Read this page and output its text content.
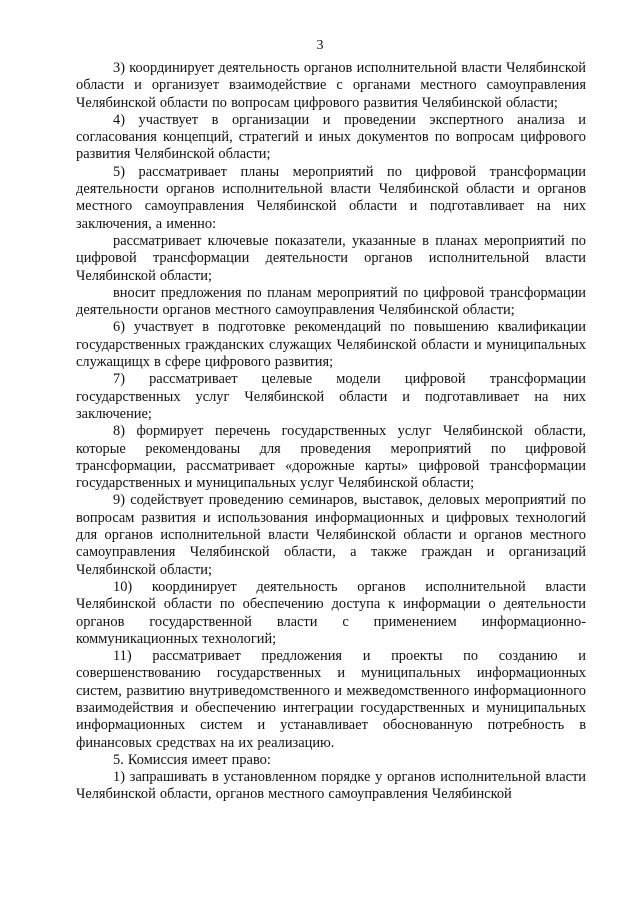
3

3) координирует деятельность органов исполнительной власти Челябинской области и организует взаимодействие с органами местного самоуправления Челябинской области по вопросам цифрового развития Челябинской области;

4) участвует в организации и проведении экспертного анализа и согласования концепций, стратегий и иных документов по вопросам цифрового развития Челябинской области;

5) рассматривает планы мероприятий по цифровой трансформации деятельности органов исполнительной власти Челябинской области и органов местного самоуправления Челябинской области и подготавливает на них заключения, а именно:

рассматривает ключевые показатели, указанные в планах мероприятий по цифровой трансформации деятельности органов исполнительной власти Челябинской области;

вносит предложения по планам мероприятий по цифровой трансформации деятельности органов местного самоуправления Челябинской области;

6) участвует в подготовке рекомендаций по повышению квалификации государственных гражданских служащих Челябинской области и муниципальных служащищх в сфере цифрового развития;

7) рассматривает целевые модели цифровой трансформации государственных услуг Челябинской области и подготавливает на них заключение;

8) формирует перечень государственных услуг Челябинской области, которые рекомендованы для проведения мероприятий по цифровой трансформации, рассматривает «дорожные карты» цифровой трансформации государственных и муниципальных услуг Челябинской области;

9) содействует проведению семинаров, выставок, деловых мероприятий по вопросам развития и использования информационных и цифровых технологий для органов исполнительной власти Челябинской области и органов местного самоуправления Челябинской области, а также граждан и организаций Челябинской области;

10) координирует деятельность органов исполнительной власти Челябинской области по обеспечению доступа к информации о деятельности органов государственной власти с применением информационно-коммуникационных технологий;

11) рассматривает предложения и проекты по созданию и совершенствованию государственных и муниципальных информационных систем, развитию внутриведомственного и межведомственного информационного взаимодействия и обеспечению интеграции государственных и муниципальных информационных систем и устанавливает обоснованную потребность в финансовых средствах на их реализацию.

5. Комиссия имеет право:

1) запрашивать в установленном порядке у органов исполнительной власти Челябинской области, органов местного самоуправления Челябинской
